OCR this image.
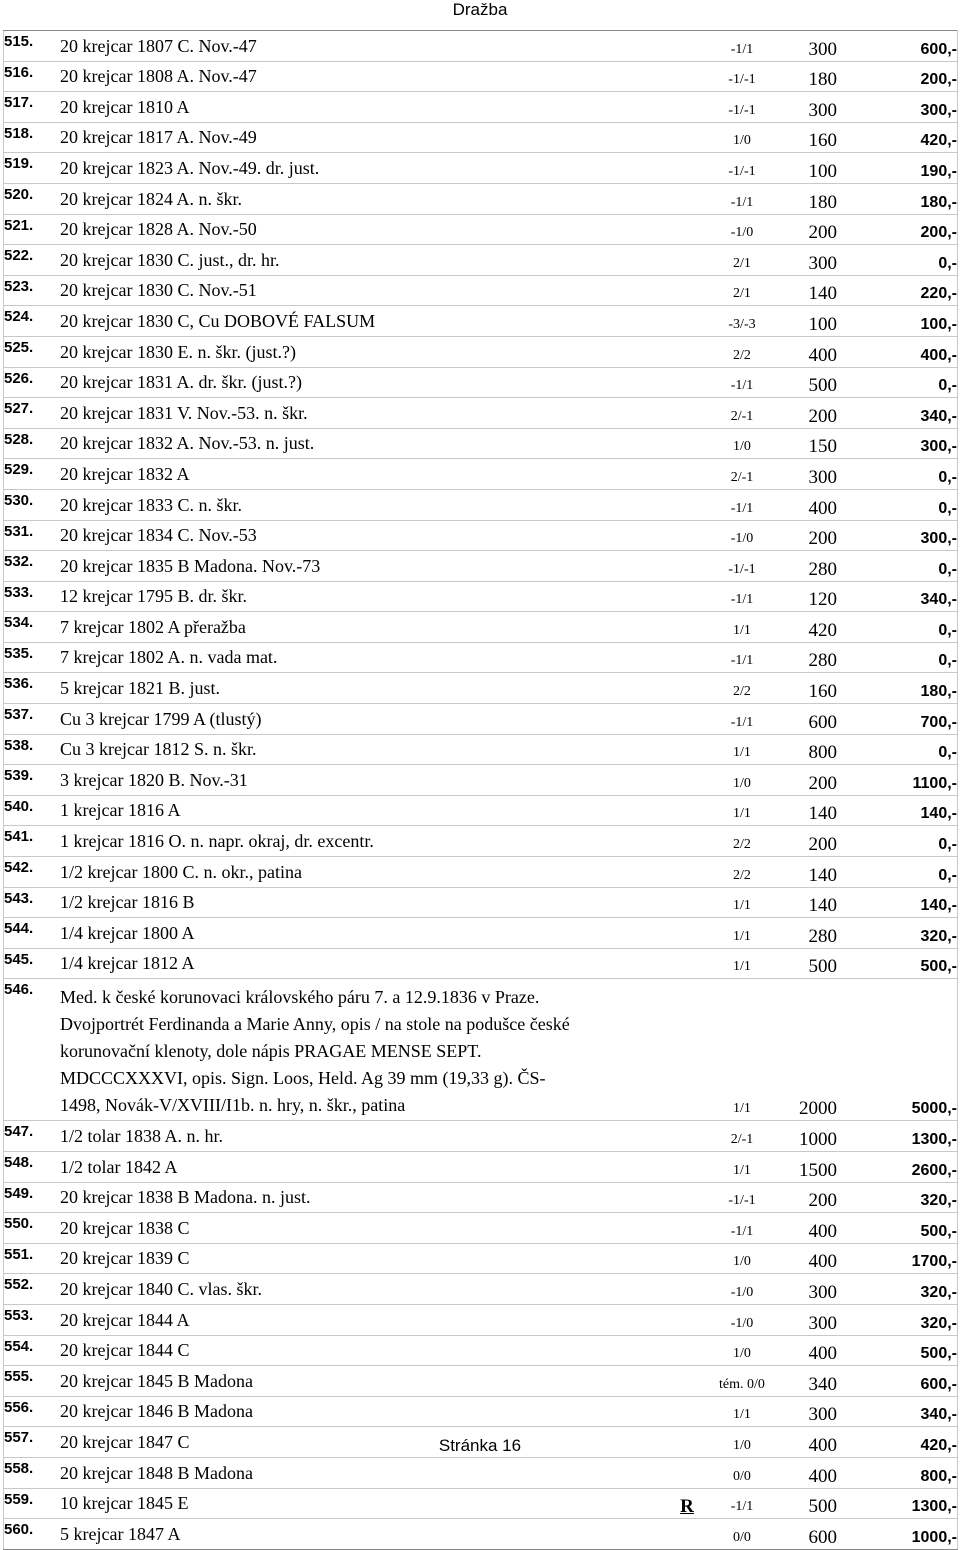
Dražba
515.	20 krejcar 1807 C. Nov.-47		-1/1	300	600,-
516.	20 krejcar 1808 A. Nov.-47		-1/-1	180	200,-
517.	20 krejcar 1810 A		-1/-1	300	300,-
518.	20 krejcar 1817 A. Nov.-49		1/0	160	420,-
519.	20 krejcar 1823 A. Nov.-49. dr. just.		-1/-1	100	190,-
520.	20 krejcar 1824 A. n. škr.		-1/1	180	180,-
521.	20 krejcar 1828 A. Nov.-50		-1/0	200	200,-
522.	20 krejcar 1830 C. just., dr. hr.		2/1	300	0,-
523.	20 krejcar 1830 C. Nov.-51		2/1	140	220,-
524.	20 krejcar 1830 C, Cu DOBOVÉ FALSUM		-3/-3	100	100,-
525.	20 krejcar 1830 E. n. škr. (just.?)		2/2	400	400,-
526.	20 krejcar 1831 A. dr. škr. (just.?)		-1/1	500	0,-
527.	20 krejcar 1831 V. Nov.-53. n. škr.		2/-1	200	340,-
528.	20 krejcar 1832 A. Nov.-53. n. just.		1/0	150	300,-
529.	20 krejcar 1832 A		2/-1	300	0,-
530.	20 krejcar 1833 C. n. škr.		-1/1	400	0,-
531.	20 krejcar 1834 C. Nov.-53		-1/0	200	300,-
532.	20 krejcar 1835 B Madona. Nov.-73		-1/-1	280	0,-
533.	12 krejcar 1795 B. dr. škr.		-1/1	120	340,-
534.	7 krejcar 1802 A přeražba		1/1	420	0,-
535.	7 krejcar 1802 A. n. vada mat.		-1/1	280	0,-
536.	5 krejcar 1821 B. just.		2/2	160	180,-
537.	Cu 3 krejcar 1799 A (tlustý)		-1/1	600	700,-
538.	Cu 3 krejcar 1812 S. n. škr.		1/1	800	0,-
539.	3 krejcar 1820 B. Nov.-31		1/0	200	1100,-
540.	1 krejcar 1816 A		1/1	140	140,-
541.	1 krejcar 1816 O. n. napr. okraj, dr. excentr.		2/2	200	0,-
542.	1/2 krejcar 1800 C. n. okr., patina		2/2	140	0,-
543.	1/2 krejcar 1816 B		1/1	140	140,-
544.	1/4 krejcar 1800 A		1/1	280	320,-
545.	1/4 krejcar 1812 A		1/1	500	500,-
546.	Med. k české korunovaci královského páru 7. a 12.9.1836 v Praze.
Dvojportrét Ferdinanda a Marie Anny, opis / na stole na podušce české
korunovační klenoty, dole nápis PRAGAE MENSE SEPT.
MDCCCXXXVI, opis. Sign. Loos, Held. Ag 39 mm (19,33 g). ČS-
1498, Novák-V/XVIII/I1b. n. hry, n. škr., patina		1/1	2000	5000,-
547.	1/2 tolar 1838 A. n. hr.		2/-1	1000	1300,-
548.	1/2 tolar 1842 A		1/1	1500	2600,-
549.	20 krejcar 1838 B Madona. n. just.		-1/-1	200	320,-
550.	20 krejcar 1838 C		-1/1	400	500,-
551.	20 krejcar 1839 C		1/0	400	1700,-
552.	20 krejcar 1840 C. vlas. škr.		-1/0	300	320,-
553.	20 krejcar 1844 A		-1/0	300	320,-
554.	20 krejcar 1844 C		1/0	400	500,-
555.	20 krejcar 1845 B Madona		tém. 0/0	340	600,-
556.	20 krejcar 1846 B Madona		1/1	300	340,-
557.	20 krejcar 1847 C		1/0	400	420,-
558.	20 krejcar 1848 B Madona		0/0	400	800,-
559.	10 krejcar 1845 E	R	-1/1	500	1300,-
560.	5 krejcar 1847 A		0/0	600	1000,-
Stránka 16
